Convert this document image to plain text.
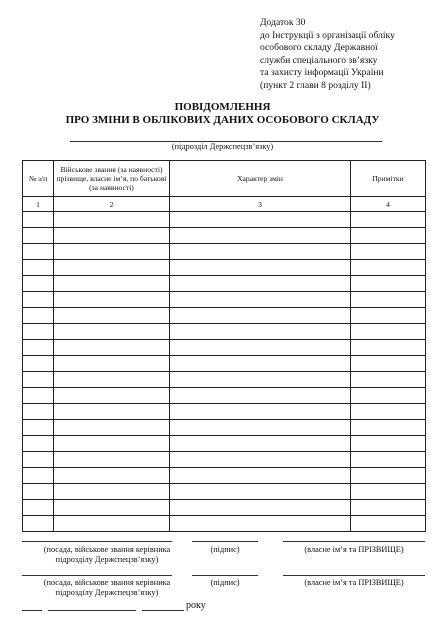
Додаток 30
до Інструкції з організації обліку
особового складу Державної
служби спеціального зв’язку
та захисту інформації України
(пункт 2 глави 8 розділу II)
ПОВІДОМЛЕННЯ
ПРО ЗМІНИ В ОБЛІКОВИХ ДАНИХ ОСОБОВОГО СКЛАДУ
(підрозділ Держспецзв’язку)
№ з/п	Військове звання (за наявності) прізвище, власне ім’я, по батькові (за наявності)	Характер змін	Примітки
1	2	3	4

(посада, військове звання керівника
підрозділу Держспецзв’язку)
(підпис)	(власне ім’я та ПРІЗВИЩЕ)
(посада, військове звання керівника
підрозділу Держспецзв’язку)
(підпис)	(власне ім’я та ПРІЗВИЩЕ)
року
